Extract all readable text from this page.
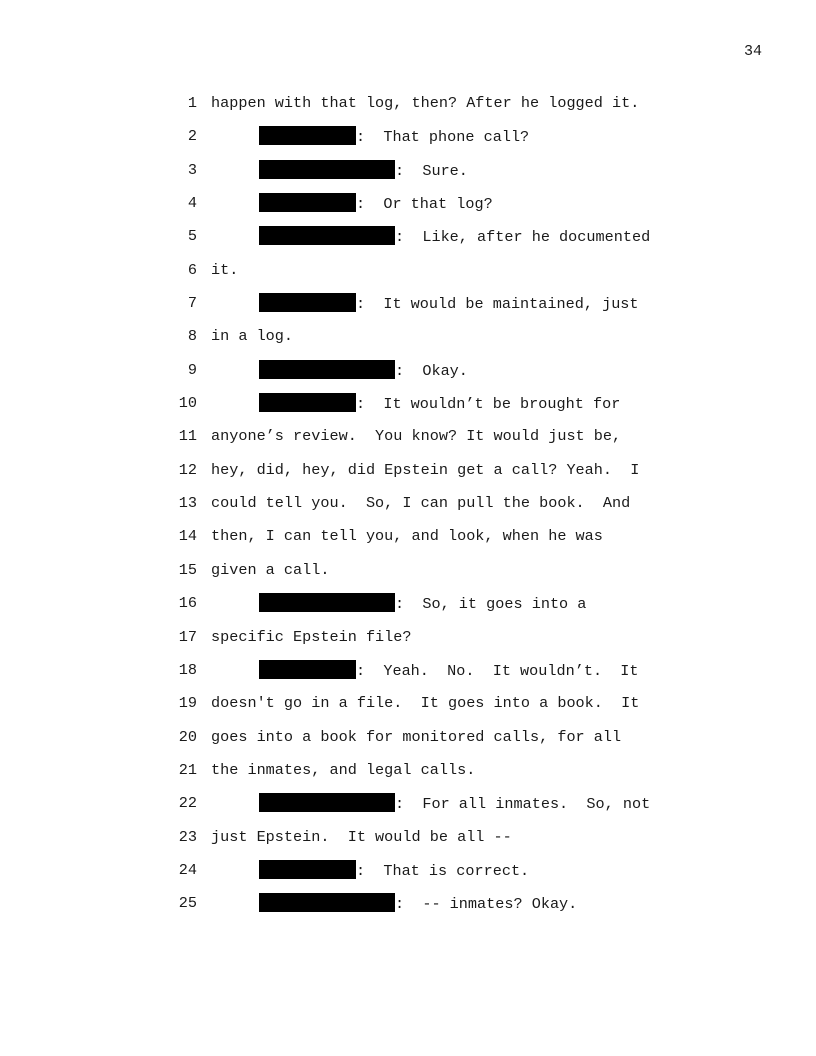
34
1 happen with that log, then? After he logged it.
2	:  That phone call?
3	:  Sure.
4	:  Or that log?
5	:  Like, after he documented
6 it.
7	:  It would be maintained, just
8 in a log.
9	:  Okay.
10	:  It wouldn’t be brought for
11 anyone’s review.  You know? It would just be,
12 hey, did, hey, did Epstein get a call? Yeah.  I
13 could tell you.  So, I can pull the book.  And
14 then, I can tell you, and look, when he was
15 given a call.
16	:  So, it goes into a
17 specific Epstein file?
18	:  Yeah.  No.  It wouldn’t.  It
19 doesn't go in a file.  It goes into a book.  It
20 goes into a book for monitored calls, for all
21 the inmates, and legal calls.
22	:  For all inmates.  So, not
23 just Epstein.  It would be all --
24	:  That is correct.
25	:  -- inmates? Okay.
